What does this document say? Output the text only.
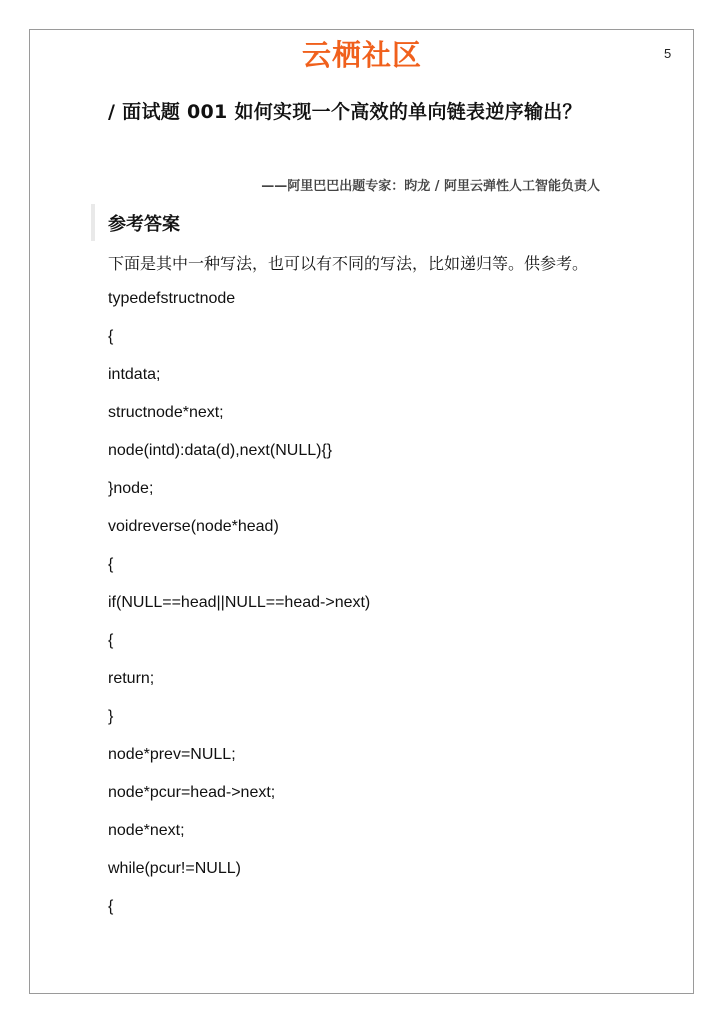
云栖社区	5
/ 面试题 001 如何实现一个高效的单向链表逆序输出？
——阿里巴巴出题专家：昀龙 / 阿里云弹性人工智能负责人
参考答案
下面是其中一种写法，也可以有不同的写法，比如递归等。供参考。
typedefstructnode
{
intdata;
structnode*next;
node(intd):data(d),next(NULL){}
}node;
voidreverse(node*head)
{
if(NULL==head||NULL==head->next)
{
return;
}
node*prev=NULL;
node*pcur=head->next;
node*next;
while(pcur!=NULL)
{
